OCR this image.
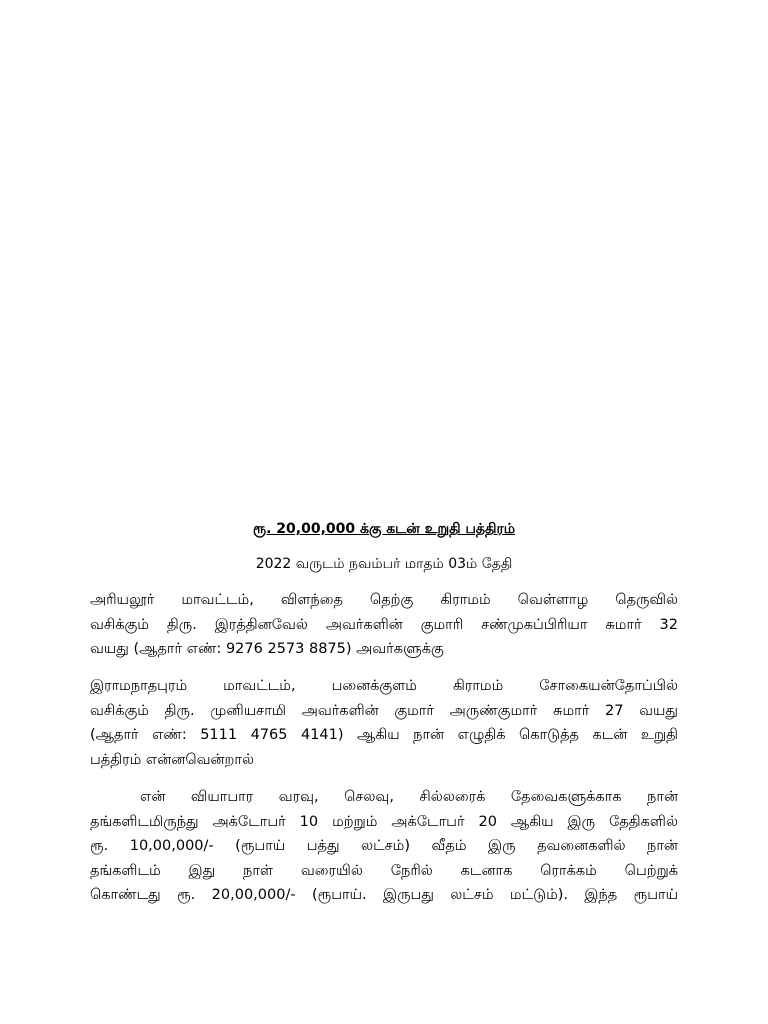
ரூ. 20,00,000 க்கு கடன் உறுதி பத்திரம்
2022 வருடம் நவம்பர் மாதம் 03ம் தேதி
அரியலூர் மாவட்டம், விளந்தை தெற்கு கிராமம் வெள்ளாழ தெருவில்
வசிக்கும் திரு. இரத்தினவேல் அவர்களின் குமாரி சண்முகப்பிரியா சுமார் 32
வயது (ஆதார் எண்: 9276 2573 8875) அவர்களுக்கு
இராமநாதபுரம் மாவட்டம், பனைக்குளம் கிராமம் சோகையன்தோப்பில்
வசிக்கும் திரு. முனியசாமி அவர்களின் குமார் அருண்குமார் சுமார் 27 வயது
(ஆதார் எண்: 5111 4765 4141) ஆகிய நான் எழுதிக் கொடுத்த கடன் உறுதி
பத்திரம் என்னவென்றால்
என் வியாபார வரவு, செலவு, சில்லரைக் தேவைகளுக்காக நான்
தங்களிடமிருந்து அக்டோபர் 10 மற்றும் அக்டோபர் 20 ஆகிய இரு தேதிகளில்
ரூ. 10,00,000/- (ரூபாய் பத்து லட்சம்) வீதம் இரு தவனைகளில் நான்
தங்களிடம் இது நாள் வரையில் நேரில் கடனாக ரொக்கம் பெற்றுக்
கொண்டது ரூ. 20,00,000/- (ரூபாய். இருபது லட்சம் மட்டும்). இந்த ரூபாய்
